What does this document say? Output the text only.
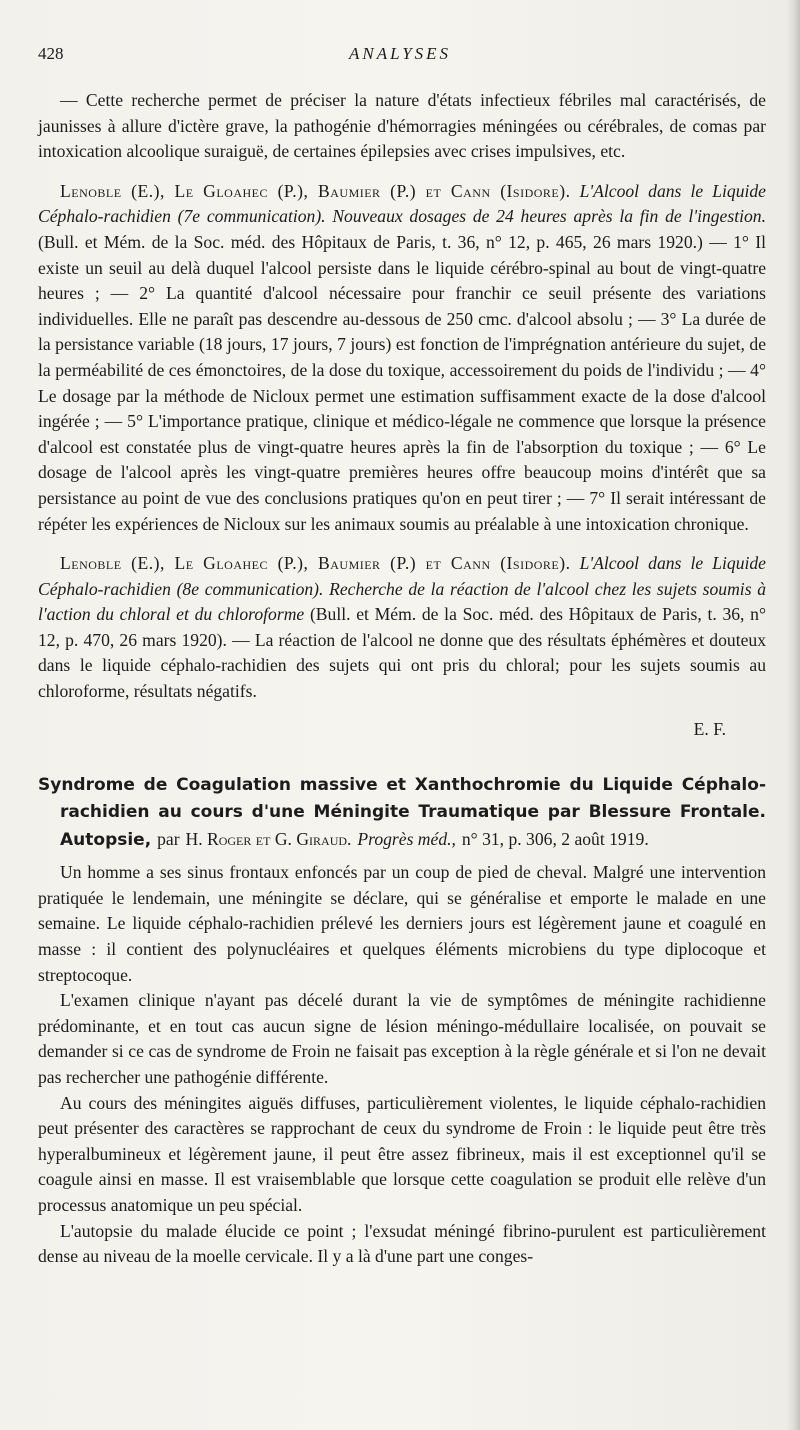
428	ANALYSES

— Cette recherche permet de préciser la nature d'états infectieux fébriles mal caractérisés, de jaunisses à allure d'ictère grave, la pathogénie d'hémorragies méningées ou cérébrales, de comas par intoxication alcoolique suraiguë, de certaines épilepsies avec crises impulsives, etc.

Lenoble (E.), Le Gloahec (P.), Baumier (P.) et Cann (Isidore). L'Alcool dans le Liquide Céphalo-rachidien (7e communication). Nouveaux dosages de 24 heures après la fin de l'ingestion. (Bull. et Mém. de la Soc. méd. des Hôpitaux de Paris, t. 36, n° 12, p. 465, 26 mars 1920.) — 1° Il existe un seuil au delà duquel l'alcool persiste dans le liquide cérébro-spinal au bout de vingt-quatre heures ; — 2° La quantité d'alcool nécessaire pour franchir ce seuil présente des variations individuelles. Elle ne paraît pas descendre au-dessous de 250 cmc. d'alcool absolu ; — 3° La durée de la persistance variable (18 jours, 17 jours, 7 jours) est fonction de l'imprégnation antérieure du sujet, de la perméabilité de ces émonctoires, de la dose du toxique, accessoirement du poids de l'individu ; — 4° Le dosage par la méthode de Nicloux permet une estimation suffisamment exacte de la dose d'alcool ingérée ; — 5° L'importance pratique, clinique et médico-légale ne commence que lorsque la présence d'alcool est constatée plus de vingt-quatre heures après la fin de l'absorption du toxique ; — 6° Le dosage de l'alcool après les vingt-quatre premières heures offre beaucoup moins d'intérêt que sa persistance au point de vue des conclusions pratiques qu'on en peut tirer ; — 7° Il serait intéressant de répéter les expériences de Nicloux sur les animaux soumis au préalable à une intoxication chronique.

Lenoble (E.), Le Gloahec (P.), Baumier (P.) et Cann (Isidore). L'Alcool dans le Liquide Céphalo-rachidien (8e communication). Recherche de la réaction de l'alcool chez les sujets soumis à l'action du chloral et du chloroforme (Bull. et Mém. de la Soc. méd. des Hôpitaux de Paris, t. 36, n° 12, p. 470, 26 mars 1920). — La réaction de l'alcool ne donne que des résultats éphémères et douteux dans le liquide céphalo-rachidien des sujets qui ont pris du chloral; pour les sujets soumis au chloroforme, résultats négatifs.

E. F.
Syndrome de Coagulation massive et Xanthochromie du Liquide Céphalo-rachidien au cours d'une Méningite Traumatique par Blessure Frontale. Autopsie, par H. Roger et G. Giraud. Progrès méd., n° 31, p. 306, 2 août 1919.

Un homme a ses sinus frontaux enfoncés par un coup de pied de cheval. Malgré une intervention pratiquée le lendemain, une méningite se déclare, qui se généralise et emporte le malade en une semaine. Le liquide céphalo-rachidien prélevé les derniers jours est légèrement jaune et coagulé en masse : il contient des polynucléaires et quelques éléments microbiens du type diplocoque et streptocoque.

L'examen clinique n'ayant pas décelé durant la vie de symptômes de méningite rachidienne prédominante, et en tout cas aucun signe de lésion méningo-médullaire localisée, on pouvait se demander si ce cas de syndrome de Froin ne faisait pas exception à la règle générale et si l'on ne devait pas rechercher une pathogénie différente.

Au cours des méningites aiguës diffuses, particulièrement violentes, le liquide céphalo-rachidien peut présenter des caractères se rapprochant de ceux du syndrome de Froin : le liquide peut être très hyperalbumineux et légèrement jaune, il peut être assez fibrineux, mais il est exceptionnel qu'il se coagule ainsi en masse. Il est vraisemblable que lorsque cette coagulation se produit elle relève d'un processus anatomique un peu spécial.

L'autopsie du malade élucide ce point ; l'exsudat méningé fibrino-purulent est particulièrement dense au niveau de la moelle cervicale. Il y a là d'une part une conges-
